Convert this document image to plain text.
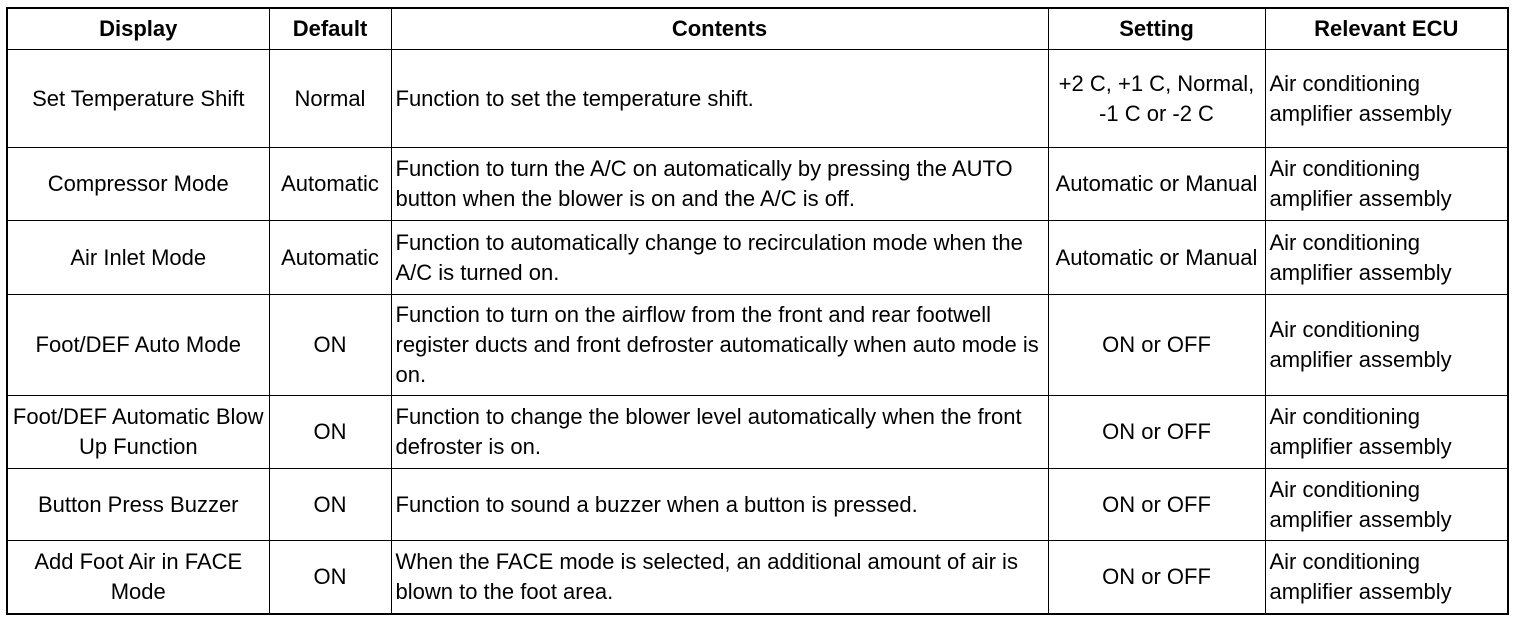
Display	Default	Contents	Setting	Relevant ECU
Set Temperature Shift	Normal	Function to set the temperature shift.	+2 C, +1 C, Normal, -1 C or -2 C	Air conditioning amplifier assembly
Compressor Mode	Automatic	Function to turn the A/C on automatically by pressing the AUTO button when the blower is on and the A/C is off.	Automatic or Manual	Air conditioning amplifier assembly
Air Inlet Mode	Automatic	Function to automatically change to recirculation mode when the A/C is turned on.	Automatic or Manual	Air conditioning amplifier assembly
Foot/DEF Auto Mode	ON	Function to turn on the airflow from the front and rear footwell register ducts and front defroster automatically when auto mode is on.	ON or OFF	Air conditioning amplifier assembly
Foot/DEF Automatic Blow Up Function	ON	Function to change the blower level automatically when the front defroster is on.	ON or OFF	Air conditioning amplifier assembly
Button Press Buzzer	ON	Function to sound a buzzer when a button is pressed.	ON or OFF	Air conditioning amplifier assembly
Add Foot Air in FACE Mode	ON	When the FACE mode is selected, an additional amount of air is blown to the foot area.	ON or OFF	Air conditioning amplifier assembly
